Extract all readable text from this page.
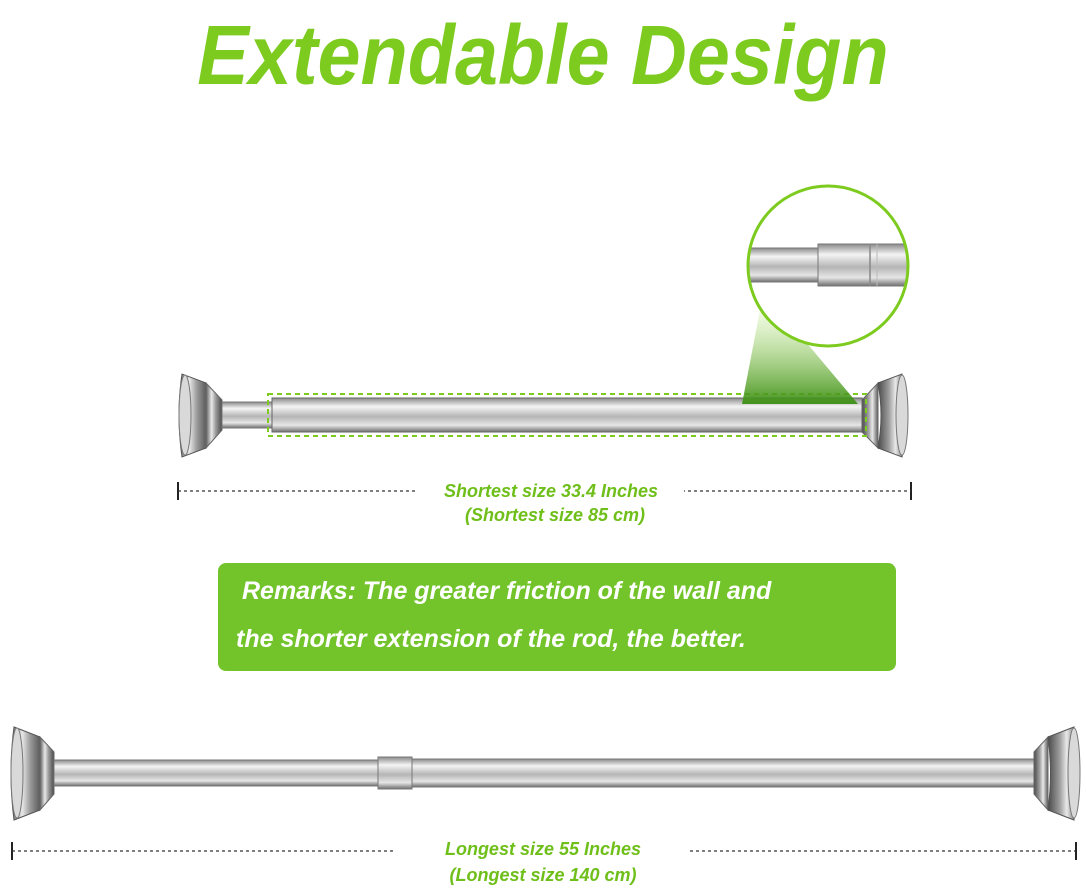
Extendable Design
Shortest size 33.4 Inches
(Shortest size 85 cm)
Remarks: The greater friction of the wall and
the shorter extension of the rod, the better.
Longest size 55 Inches
(Longest size 140 cm)
